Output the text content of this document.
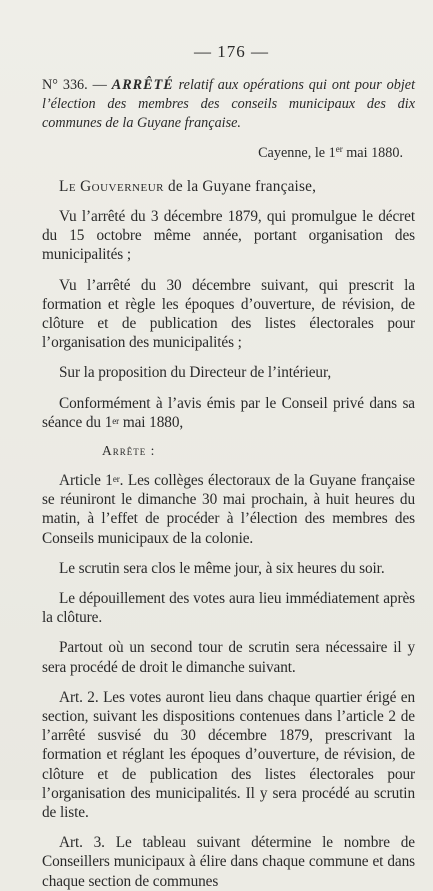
— 176 —

N° 336. — ARRÊTÉ relatif aux opérations qui ont pour objet l’élection des membres des conseils municipaux des dix communes de la Guyane française.

Cayenne, le 1er mai 1880.
Le Gouverneur de la Guyane française,

Vu l’arrêté du 3 décembre 1879, qui promulgue le décret du 15 octobre même année, portant organisation des municipalités ;

Vu l’arrêté du 30 décembre suivant, qui prescrit la formation et règle les époques d’ouverture, de révision, de clôture et de publication des listes électorales pour l’organisation des municipalités ;

Sur la proposition du Directeur de l’intérieur,

Conformément à l’avis émis par le Conseil privé dans sa séance du 1er mai 1880,

Arrête :

Article 1er. Les collèges électoraux de la Guyane française se réuniront le dimanche 30 mai prochain, à huit heures du matin, à l’effet de procéder à l’élection des membres des Conseils municipaux de la colonie.

Le scrutin sera clos le même jour, à six heures du soir.

Le dépouillement des votes aura lieu immédiatement après la clôture.

Partout où un second tour de scrutin sera nécessaire il y sera procédé de droit le dimanche suivant.

Art. 2. Les votes auront lieu dans chaque quartier érigé en section, suivant les dispositions contenues dans l’article 2 de l’arrêté susvisé du 30 décembre 1879, prescrivant la formation et réglant les époques d’ouverture, de révision, de clôture et de publication des listes électorales pour l’organisation des municipalités. Il y sera procédé au scrutin de liste.

Art. 3. Le tableau suivant détermine le nombre de Conseillers municipaux à élire dans chaque commune et dans chaque section de communes
